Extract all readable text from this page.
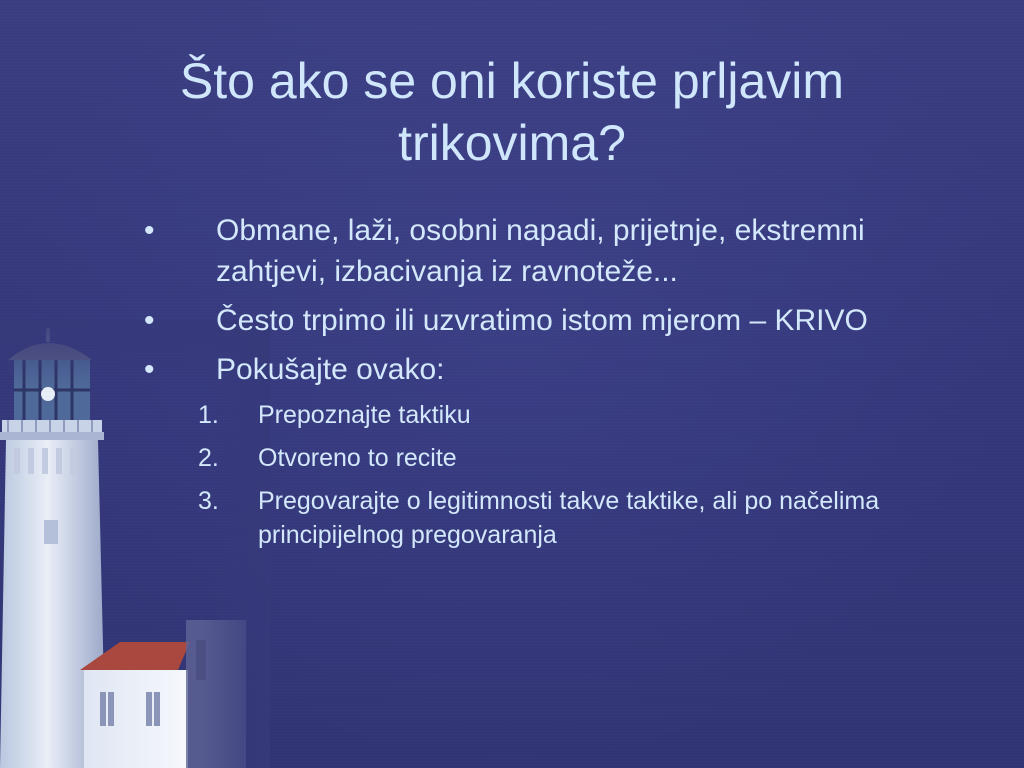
Što ako se oni koriste prljavim trikovima?
•	Obmane, laži, osobni napadi, prijetnje, ekstremni zahtjevi, izbacivanja iz ravnoteže...
•	Često trpimo ili uzvratimo istom mjerom – KRIVO
•	Pokušajte ovako:
1. Prepoznajte taktiku
2. Otvoreno to recite
3. Pregovarajte o legitimnosti takve taktike, ali po načelima principijelnog pregovaranja
